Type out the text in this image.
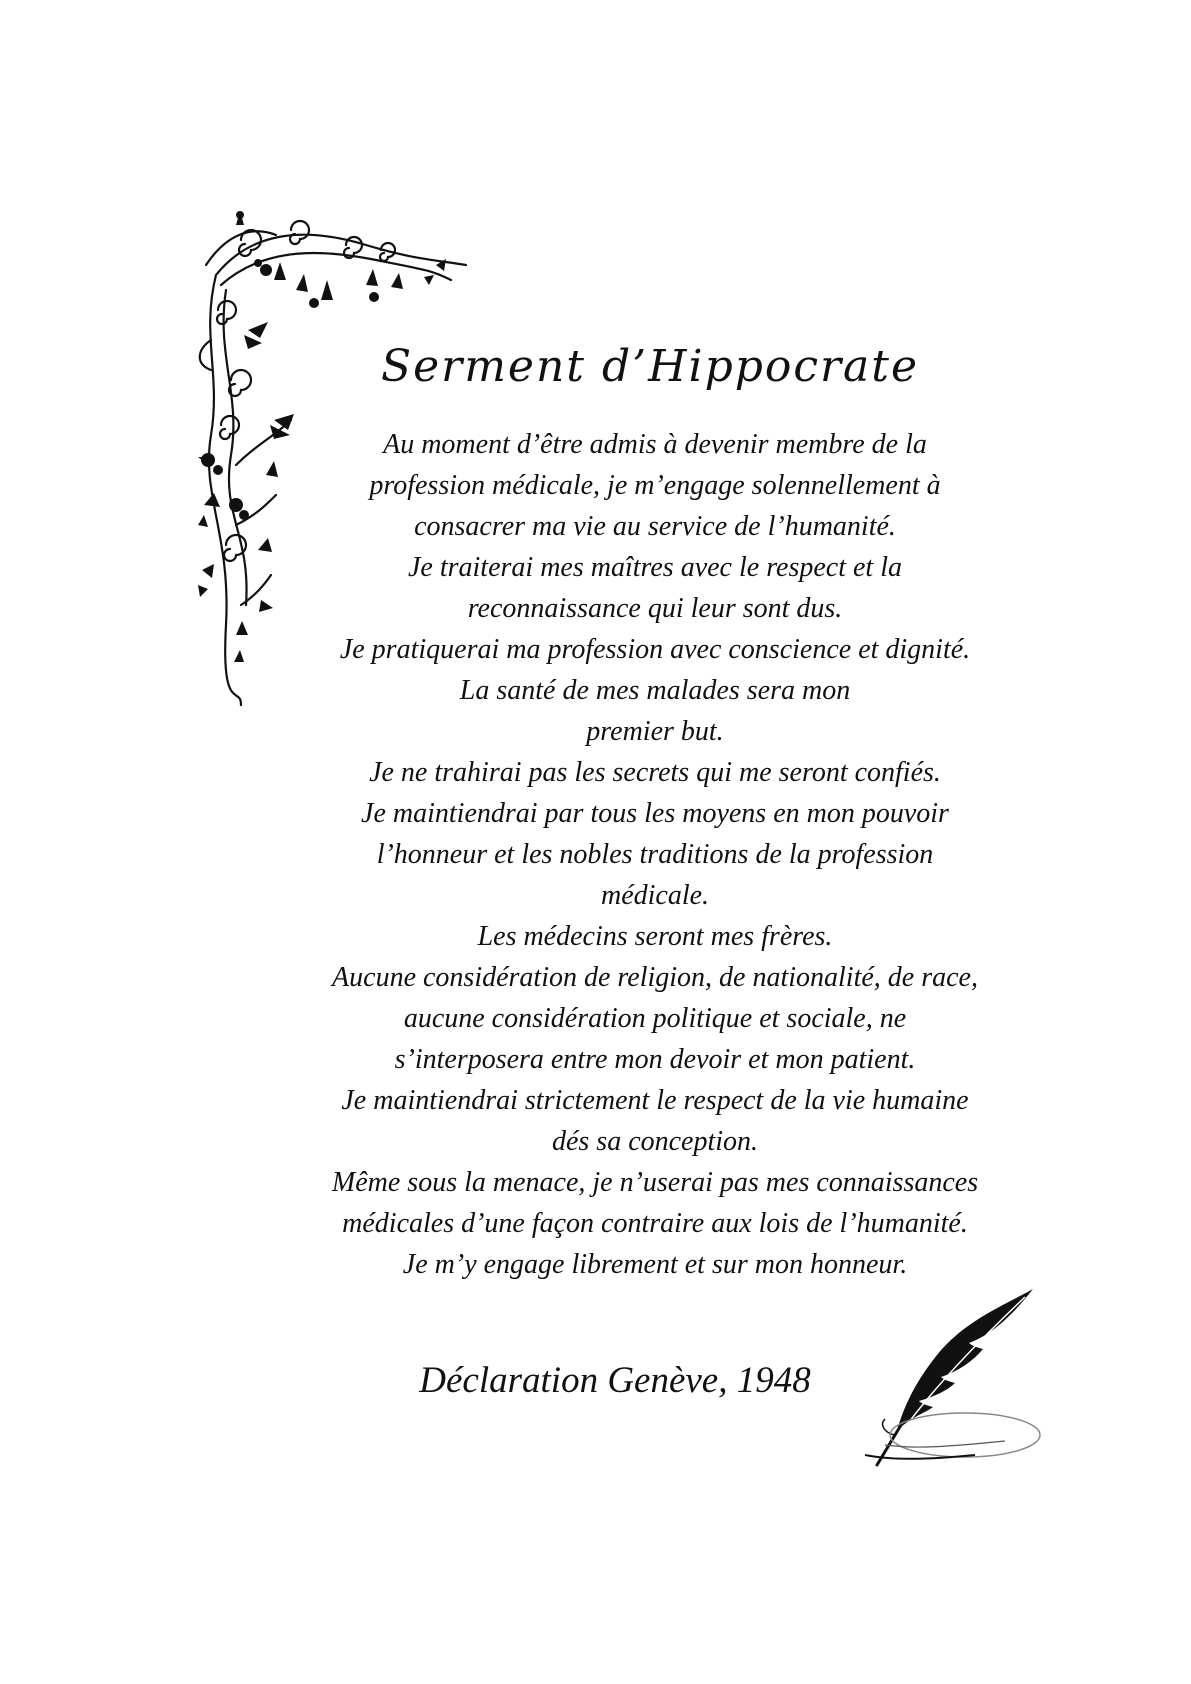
Serment d’Hippocrate
Au moment d’être admis à devenir membre de la
profession médicale, je m’engage solennellement à
consacrer ma vie au service de l’humanité.
Je traiterai mes maîtres avec le respect et la
reconnaissance qui leur sont dus.
Je pratiquerai ma profession avec conscience et dignité.
La santé de mes malades sera mon
premier but.
Je ne trahirai pas les secrets qui me seront confiés.
Je maintiendrai par tous les moyens en mon pouvoir
l’honneur et les nobles traditions de la profession
médicale.
Les médecins seront mes frères.
Aucune considération de religion, de nationalité, de race,
aucune considération politique et sociale, ne
s’interposera entre mon devoir et mon patient.
Je maintiendrai strictement le respect de la vie humaine
dés sa conception.
Même sous la menace, je n’userai pas mes connaissances
médicales d’une façon contraire aux lois de l’humanité.
Je m’y engage librement et sur mon honneur.
Déclaration Genève, 1948
